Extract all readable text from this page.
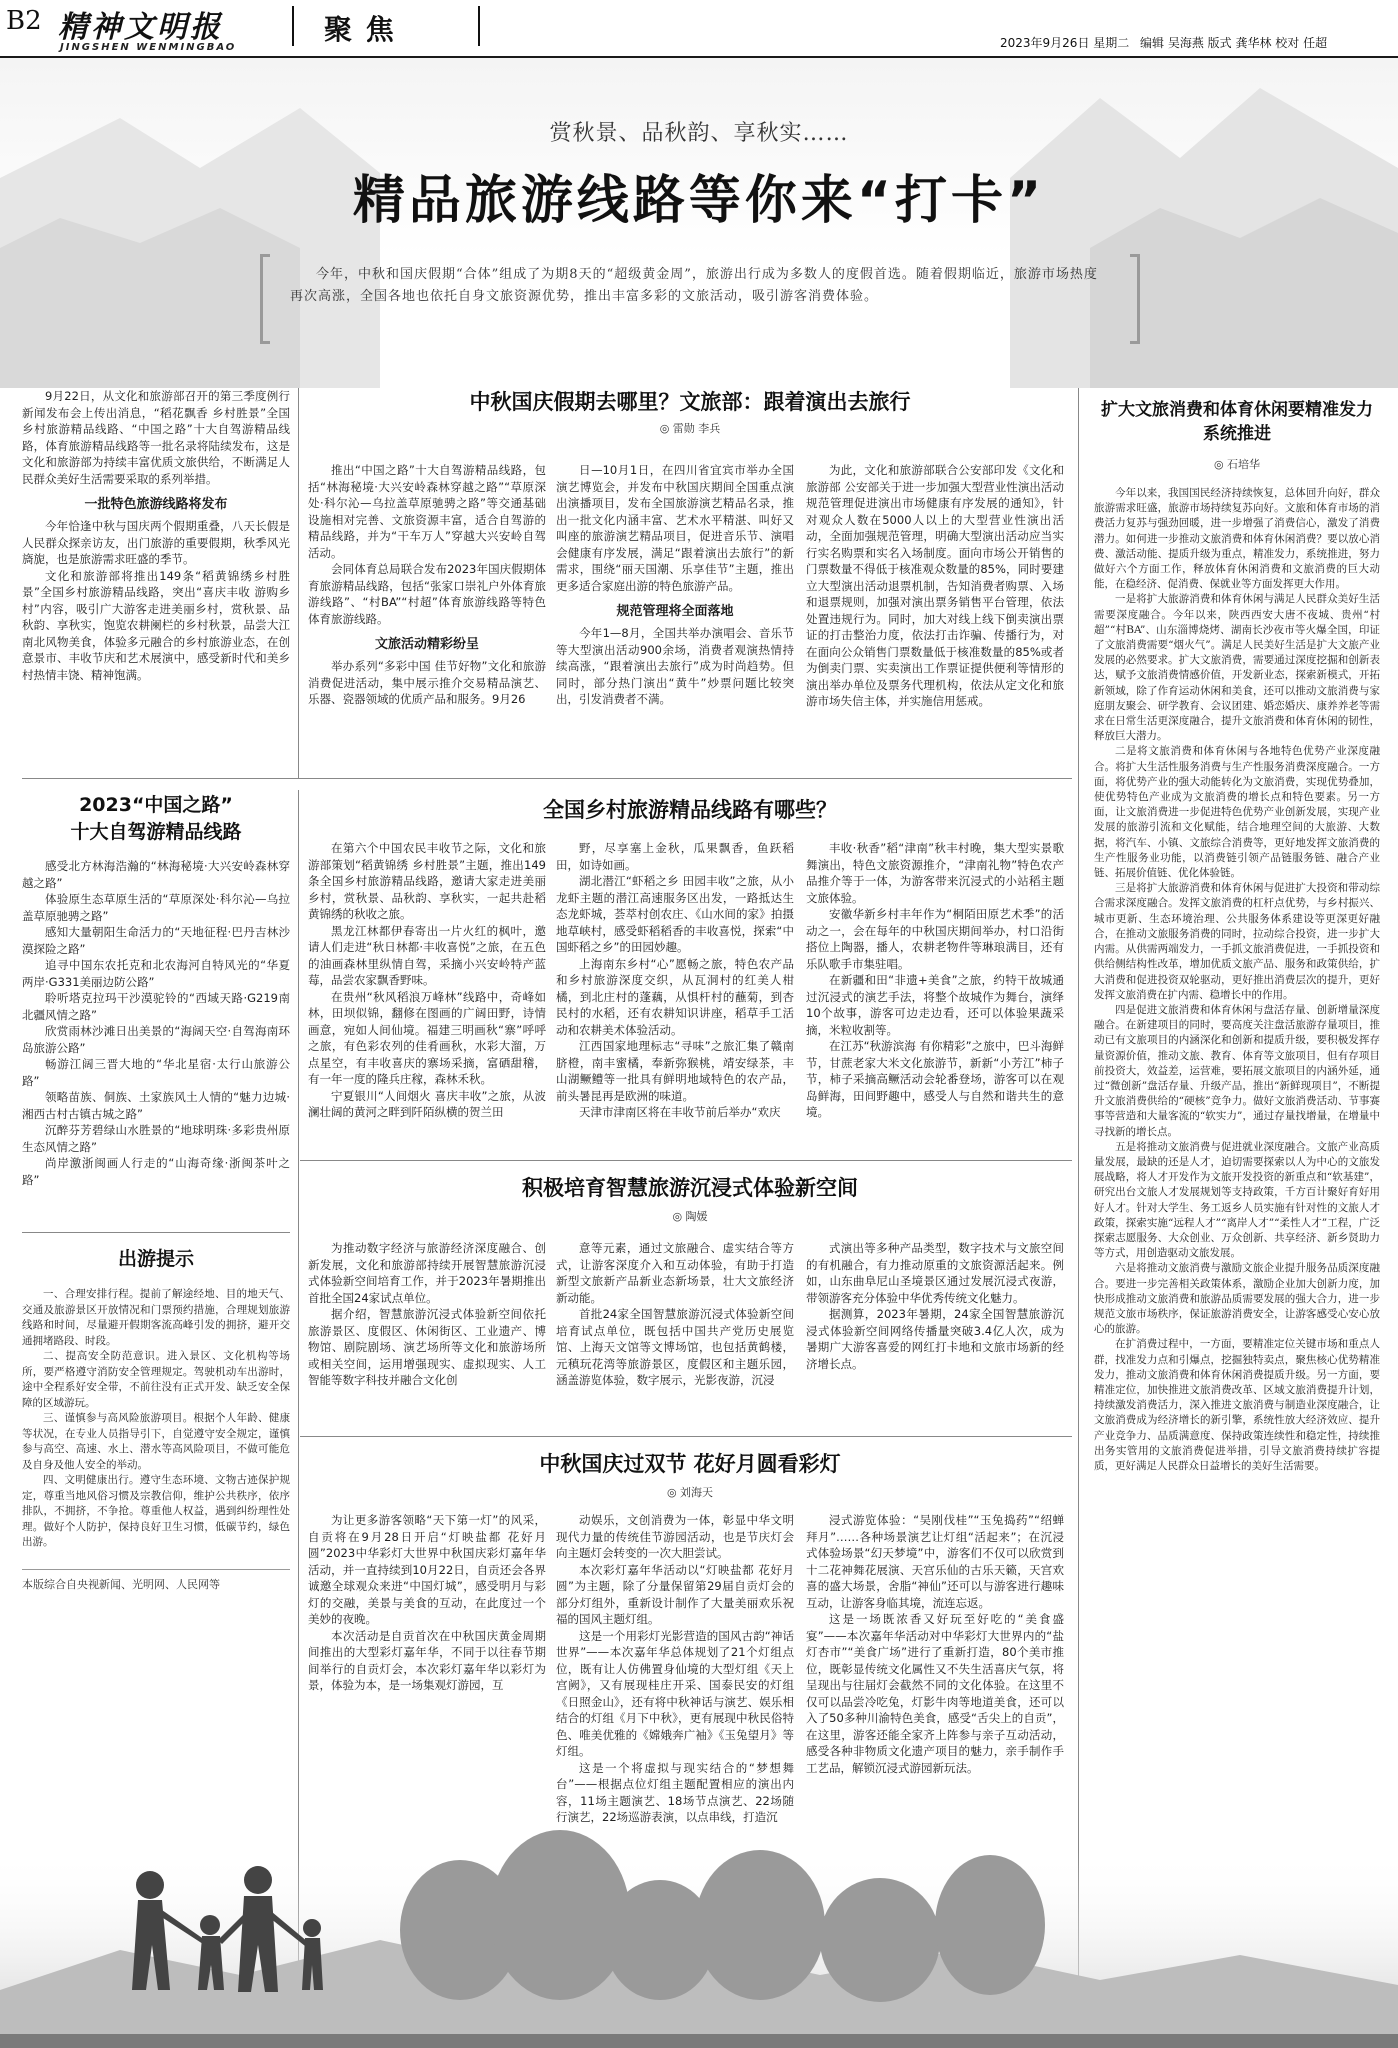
B2 精神文明报
JINGSHEN WENMINGBAO
聚 焦	2023年9月26日 星期二 编辑 吴海燕 版式 龚华林 校对 任超
赏秋景、品秋韵、享秋实……
精品旅游线路等你来“打卡”

今年，中秋和国庆假期“合体”组成了为期8天的“超级黄金周”，旅游出行成为多数人的度假首选。随着假期临近，旅游市场热度再次高涨，全国各地也依托自身文旅资源优势，推出丰富多彩的文旅活动，吸引游客消费体验。

9月22日，从文化和旅游部召开的第三季度例行新闻发布会上传出消息，“稻花飘香 乡村胜景”全国乡村旅游精品线路、“中国之路”十大自驾游精品线路，体育旅游精品线路等一批名录将陆续发布，这是文化和旅游部为持续丰富优质文旅供给，不断满足人民群众美好生活需要采取的系列举措。

一批特色旅游线路将发布

今年恰逢中秋与国庆两个假期重叠，八天长假是人民群众探亲访友，出门旅游的重要假期，秋季风光旖旎，也是旅游需求旺盛的季节。

文化和旅游部将推出149条“稻黄锦绣乡村胜景”全国乡村旅游精品线路，突出“喜庆丰收 游购乡村”内容，吸引广大游客走进美丽乡村，赏秋景、品秋韵、享秋实，饱览农耕阑栏的乡村秋景，品尝大江南北风物美食，体验多元融合的乡村旅游业态，在创意景市、丰收节庆和艺术展演中，感受新时代和美乡村热情丰饶、精神饱满。

中秋国庆假期去哪里？文旅部：跟着演出去旅行
◎ 雷勋 李兵

推出“中国之路”十大自驾游精品线路，包括“林海秘境·大兴安岭森林穿越之路”“草原深处·科尔沁—乌拉盖草原驰骋之路”等交通基础设施相对完善、文旅资源丰富，适合自驾游的精品线路，并为“干车万人”穿越大兴安岭自驾活动。

会同体育总局联合发布2023年国庆假期体育旅游精品线路，包括“张家口崇礼户外体育旅游线路”、“村BA”“村超”体育旅游线路等特色体育旅游线路。

文旅活动精彩纷呈

举办系列“多彩中国 佳节好物”文化和旅游消费促进活动，集中展示推介交易精品演艺、乐器、瓷器领域的优质产品和服务。9月26

日—10月1日，在四川省宜宾市举办全国演艺博览会，并发布中秋国庆期间全国重点演出演播项目，发布全国旅游演艺精品名录，推出一批文化内涵丰富、艺术水平精湛、叫好又叫座的旅游演艺精品项目，促进音乐节、演唱会健康有序发展，满足“跟着演出去旅行”的新需求，围绕“丽天国潮、乐享佳节”主题，推出更多适合家庭出游的特色旅游产品。

规范管理将全面落地

今年1—8月，全国共举办演唱会、音乐节等大型演出活动900余场，消费者观演热情持续高涨，“跟着演出去旅行”成为时尚趋势。但同时，部分热门演出“黄牛”炒票问题比较突出，引发消费者不满。

为此，文化和旅游部联合公安部印发《文化和旅游部 公安部关于进一步加强大型营业性演出活动规范管理促进演出市场健康有序发展的通知》，针对观众人数在5000人以上的大型营业性演出活动，全面加强规范管理，明确大型演出活动应当实行实名购票和实名入场制度。面向市场公开销售的门票数量不得低于核准观众数量的85%，同时要建立大型演出活动退票机制，告知消费者购票、入场和退票规则，加强对演出票务销售平台管理，依法处置违规行为。同时，加大对线上线下倒卖演出票证的打击整治力度，依法打击诈骗、传播行为，对在面向公众销售门票数量低于核准数量的85%或者为倒卖门票、实卖演出工作票证提供便利等情形的演出举办单位及票务代理机构，依法从定文化和旅游市场失信主体，并实施信用惩戒。

扩大文旅消费和体育休闲要精准发力系统推进
◎ 石培华

今年以来，我国国民经济持续恢复，总体回升向好，群众旅游需求旺盛，旅游市场持续复苏向好。文旅和体育市场的消费活力复苏与强劲回暖，进一步增强了消费信心，激发了消费潜力。如何进一步推动文旅消费和体育休闲消费？要以放心消费、激活动能、提质升级为重点，精准发力，系统推进，努力做好六个方面工作，释放体育休闲消费和文旅消费的巨大动能，在稳经济、促消费、保就业等方面发挥更大作用。

一是将扩大旅游消费和体育休闲与满足人民群众美好生活需要深度融合。今年以来，陕西西安大唐不夜城、贵州“村超”“村BA”、山东淄博烧烤、湖南长沙夜市等火爆全国，印证了文旅消费需要“烟火气”。满足人民美好生活是扩大文旅产业发展的必然要求。扩大文旅消费，需要通过深度挖掘和创新表达，赋予文旅消费情感价值，开发新业态，探索新模式，开拓新领域，除了作育运动休闲和美食，还可以推动文旅消费与家庭朋友聚会、研学教育、会议团建、婚恋婚庆、康养养老等需求在日常生活更深度融合，提升文旅消费和体育休闲的韧性，释放巨大潜力。

二是将文旅消费和体育休闲与各地特色优势产业深度融合。将扩大生活性服务消费与生产性服务消费深度融合。一方面，将优势产业的强大动能转化为文旅消费，实现优势叠加，使优势特色产业成为文旅消费的增长点和特色要素。另一方面，让文旅消费进一步促进特色优势产业创新发展，实现产业发展的旅游引流和文化赋能，结合地理空间的大旅游、大数据，将汽车、小镇、文旅综合消费等，更好地发挥文旅消费的生产性服务业功能，以消费链引领产品链服务链、融合产业链、拓展价值链、优化体验链。

三是将扩大旅游消费和体育休闲与促进扩大投资和带动综合需求深度融合。发挥文旅消费的杠杆点优势，与乡村振兴、城市更新、生态环境治理、公共服务体系建设等更深更好融合，在推动文旅服务消费的同时，拉动综合投资，进一步扩大内需。从供需两端发力，一手抓文旅消费促进，一手抓投资和供给侧结构性改革，增加优质文旅产品、服务和政策供给，扩大消费和促进投资双轮驱动，更好推出消费层次的提升，更好发挥文旅消费在扩内需、稳增长中的作用。

四是促进文旅消费和体育休闲与盘活存量、创新增量深度融合。在新建项目的同时，要高度关注盘活旅游存量项目，推动已有文旅项目的内涵深化和创新和提质升级，要积极发挥存量资源价值，推动文旅、教育、体育等文旅项目，但有存项目前投资大，效益差，运营难，要拓展文旅项目的内涵外延，通过“微创新”盘活存量、升级产品，推出“新鲜现项目”，不断提升文旅消费供给的“硬核”竞争力。做好文旅消费活动、节事赛事等营造和大量客流的“软实力”，通过存量找增量，在增量中寻找新的增长点。

五是将推动文旅消费与促进就业深度融合。文旅产业高质量发展，最缺的还是人才，迫切需要探索以人为中心的文旅发展战略，将人才开发作为文旅开发投资的新重点和“软基建”，研究出台文旅人才发展规划等支持政策，千方百计聚好育好用好人才。针对大学生、务工返乡人员实施有针对性的文旅人才政策，探索实施“远程人才”“离岸人才”“柔性人才”工程，广泛探索志愿服务、大众创业、万众创新、共享经济、新乡贤助力等方式，用创造驱动文旅发展。

六是将推动文旅消费与激励文旅企业提升服务品质深度融合。要进一步完善相关政策体系，激励企业加大创新力度，加快形成推动文旅消费和旅游品质需要发展的强大合力，进一步规范文旅市场秩序，保证旅游消费安全，让游客感受心安心放心的旅游。

在扩消费过程中，一方面，要精准定位关键市场和重点人群，找准发力点和引爆点，挖掘独特卖点，聚焦核心优势精准发力，推动文旅消费和体育休闲消费提质升级。另一方面，要精准定位，加快推进文旅消费改革、区域文旅消费提升计划，持续激发消费活力，深入推进文旅消费与制造业深度融合，让文旅消费成为经济增长的新引擎，系统性放大经济效应、提升产业竞争力、品质满意度、保持政策连续性和稳定性，持续推出务实管用的文旅消费促进举措，引导文旅消费持续扩容提质，更好满足人民群众日益增长的美好生活需要。

2023“中国之路”
十大自驾游精品线路

感受北方林海浩瀚的“林海秘境·大兴安岭森林穿越之路”

体验原生态草原生活的“草原深处·科尔沁—乌拉盖草原驰骋之路”

感知大量朝阳生命活力的“天地征程·巴丹吉林沙漠探险之路”

追寻中国东农托克和北农海河自特风光的“华夏两岸·G331美丽边防公路”

聆听塔克拉玛干沙漠驼铃的“西域天路·G219南北疆风情之路”

欣赏雨林沙滩日出美景的“海阔天空·自驾海南环岛旅游公路”

畅游江阔三晋大地的“华北星宿·太行山旅游公路”

领略苗族、侗族、土家族风土人情的“魅力边城·湘西古村古镇古城之路”

沉醉芬芳碧绿山水胜景的“地球明珠·多彩贵州原生态风情之路”

尚岸激浙闽画人行走的“山海奇缘·浙闽茶叶之路”

全国乡村旅游精品线路有哪些？

在第六个中国农民丰收节之际，文化和旅游部策划“稻黄锦绣 乡村胜景”主题，推出149条全国乡村旅游精品线路，邀请大家走进美丽乡村，赏秋景、品秋韵、享秋实，一起共赴稻黄锦绣的秋收之旅。

黑龙江林都伊春寄出一片火红的枫叶，邀请人们走进“秋日林都·丰收喜悦”之旅，在五色的油画森林里纵情自驾，采摘小兴安岭特产蓝莓，品尝农家飘香野味。

在贵州“秋风稻浪万峰林”线路中，奇峰如林，田坝似锦，翻修在图画的广阔田野，诗情画意，宛如人间仙境。福建三明画秋“寨”呼呼之旅，有色彩农列的佳肴画秋，水彩大溜，万点星空，有丰收喜庆的寨场采摘，富硒甜稽，有一年一度的隆兵庄稼，森林禾秋。

宁夏银川“人间烟火 喜庆丰收”之旅，从波澜壮阔的黄河之畔到阡陌纵横的贺兰田

野，尽享塞上金秋，瓜果飘香，鱼跃稻田，如诗如画。

湖北潜江“虾稻之乡 田园丰收”之旅，从小龙虾主题的潜江高速服务区出发，一路抵达生态龙虾城，荟萃村创农庄、《山水间的家》拍摄地草峡村，感受虾稻稻香的丰收喜悦，探索“中国虾稻之乡”的田园妙趣。

上海南东乡村“心”愿畅之旅，特色农产品和乡村旅游深度交织，从瓦洞村的红美人柑橘，到北庄村的蓬藕，从惧杆村的蘸菊，到杏民村的水稻，还有农耕知识讲座，稻草手工活动和农耕美术体验活动。

江西国家地理标志“寻味”之旅汇集了赣南脐橙，南丰蜜橘，奉新弥猴桃，靖安绿茶，丰山湖鳜鳢等一批具有鲜明地域特色的农产品，前头暑昆再是欧洲的味道。

天津市津南区将在丰收节前后举办“欢庆

丰收·秋香”稻“津南”秋丰村晚，集大型实景歌舞演出，特色文旅资源推介，“津南礼物”特色农产品推介等于一体，为游客带来沉浸式的小站稻主题文旅体验。

安徽华新乡村丰年作为“桐陌田原艺术季”的活动之一，会在每年的中秋国庆期间举办，村口沿街搭位上陶器，播人，农耕老物件等琳琅满目，还有乐队歌手市集驻唱。

在新疆和田“非遗+美食”之旅，约特干故城通过沉浸式的演艺手法，将整个故城作为舞台，演绎10个故事，游客可边走边看，还可以体验果蔬采摘，米粒收割等。

在江苏“秋游滨海 有你精彩”之旅中，巴斗海鲜节，甘蔗老家大米文化旅游节，新新“小芳江”柿子节，柿子采摘高鳜活动会轮番登场，游客可以在观岛鲜海，田间野趣中，感受人与自然和谐共生的意境。

积极培育智慧旅游沉浸式体验新空间
◎ 陶媛

为推动数字经济与旅游经济深度融合、创新发展，文化和旅游部持续开展智慧旅游沉浸式体验新空间培育工作，并于2023年暑期推出首批全国24家试点单位。

据介绍，智慧旅游沉浸式体验新空间依托旅游景区、度假区、休闲街区、工业遗产、博物馆、剧院剧场、演艺场所等文化和旅游场所或相关空间，运用增强现实、虚拟现实、人工智能等数字科技并融合文化创

意等元素，通过文旅融合、虚实结合等方式，让游客深度介入和互动体验，有助于打造新型文旅新产品新业态新场景，壮大文旅经济新动能。

首批24家全国智慧旅游沉浸式体验新空间培育试点单位，既包括中国共产党历史展览馆、上海天文馆等文博场馆，也包括黄鹤楼，元稹玩花湾等旅游景区，度假区和主题乐园，涵盖游览体验，数字展示，光影夜游，沉浸

式演出等多种产品类型，数字技术与文旅空间的有机融合，有力推动原重的文旅资源活起来。例如，山东曲阜尼山圣境景区通过发展沉浸式夜游，带领游客充分体验中华优秀传统文化魅力。

据测算，2023年暑期，24家全国智慧旅游沉浸式体验新空间网络传播量突破3.4亿人次，成为暑期广大游客喜爱的网红打卡地和文旅市场新的经济增长点。

中秋国庆过双节 花好月圆看彩灯
◎ 刘海天

为让更多游客领略“天下第一灯”的风采，自贡将在9月28日开启“灯映盐都 花好月圆”2023中华彩灯大世界中秋国庆彩灯嘉年华活动，并一直持续到10月22日，自贡还会各界诚邀全球观众来进“中国灯城”，感受明月与彩灯的交融，美景与美食的互动，在此度过一个美妙的夜晚。

本次活动是自贡首次在中秋国庆黄金周期间推出的大型彩灯嘉年华，不同于以往春节期间举行的自贡灯会，本次彩灯嘉年华以彩灯为景，体验为本，是一场集观灯游园，互

动娱乐，文创消费为一体，彰显中华文明现代力量的传统佳节游园活动，也是节庆灯会向主题灯会转变的一次大胆尝试。

本次彩灯嘉年华活动以“灯映盐都 花好月圆”为主题，除了分量保留第29届自贡灯会的部分灯组外，重新设计制作了大量美丽欢乐祝福的国风主题灯组。

这是一个用彩灯光影营造的国风古韵“神话世界”——本次嘉年华总体规划了21个灯组点位，既有让人仿佛置身仙境的大型灯组《天上宫阙》，又有展现桂庄开采、国泰民安的灯组《日照金山》，还有将中秋神话与演艺、娱乐相结合的灯组《月下中秋》，更有展现中秋民俗特色、唯美优雅的《嫦娥奔广袖》《玉兔望月》等灯组。

这是一个将虚拟与现实结合的“梦想舞台”——根据点位灯组主题配置相应的演出内容，11场主题演艺、18场节点演艺、22场随行演艺，22场巡游表演，以点串线，打造沉

浸式游览体验：“吴刚伐桂”“玉兔捣药”“绍蝉拜月”……各种场景演艺让灯组“活起来”；在沉浸式体验场景“幻天梦境”中，游客们不仅可以欣赏到十二花神舞花展演、天宫乐仙的古乐天籁，天宫欢喜的盛大场景，舍脂“神仙”还可以与游客进行趣味互动，让游客身临其境，流连忘返。

这是一场既浓香又好玩至好吃的“美食盛宴”——本次嘉年华活动对中华彩灯大世界内的“盐灯杏市”“美食广场”进行了重新打造，80个美市推位，既彰显传统文化属性又不失生活喜庆气氛，将呈现出与往届灯会截然不同的文化体验。在这里不仅可以品尝冷吃兔，灯影牛肉等地道美食，还可以入了50多种川渝特色美食，感受“舌尖上的自贡”，在这里，游客还能全家齐上阵参与亲子互动活动，感受各种非物质文化遗产项目的魅力，亲手制作手工艺品，解锁沉浸式游园新玩法。

出游提示

一、合理安排行程。提前了解途经地、目的地天气、交通及旅游景区开放情况和门票预约措施，合理规划旅游线路和时间，尽量避开假期客流高峰引发的拥挤，避开交通拥堵路段、时段。

二、提高安全防范意识。进入景区、文化机构等场所，要严格遵守消防安全管理规定。驾驶机动车出游时，途中全程系好安全带，不前往没有正式开发、缺乏安全保障的区域游玩。

三、谨慎参与高风险旅游项目。根据个人年龄、健康等状况，在专业人员指导引下，自觉遵守安全规定，谨慎参与高空、高速、水上、潜水等高风险项目，不做可能危及自身及他人安全的举动。

四、文明健康出行。遵守生态环境、文物古迹保护规定，尊重当地风俗习惯及宗教信仰，维护公共秩序，依序排队，不拥挤，不争抢。尊重他人权益，遇到纠纷理性处理。做好个人防护，保持良好卫生习惯，低碳节约，绿色出游。

本版综合自央视新闻、光明网、人民网等
